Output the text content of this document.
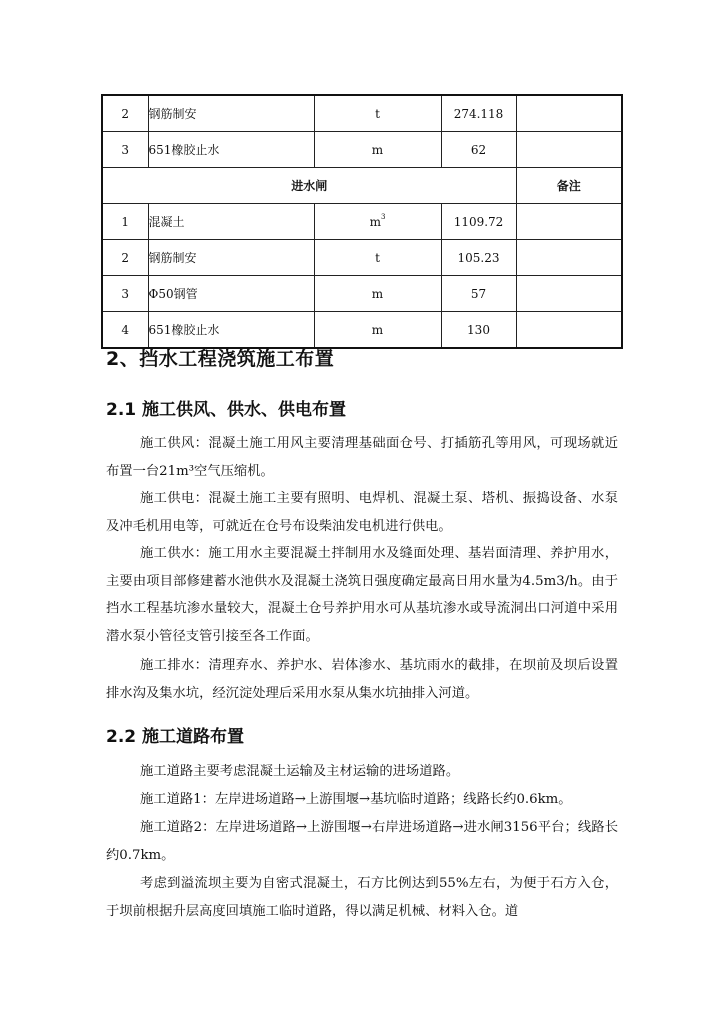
2	钢筋制安	t	274.118	
3	651橡胶止水	m	62	
进水闸				备注
1	混凝土	$m^3$	1109.72	
2	钢筋制安	t	105.23	
3	Φ50钢管	m	57	
4	651橡胶止水	m	130	
2、挡水工程浇筑施工布置
2.1 施工供风、供水、供电布置

施工供风：混凝土施工用风主要清理基础面仓号、打插筋孔等用风，可现场就近布置一台21m³空气压缩机。

施工供电：混凝土施工主要有照明、电焊机、混凝土泵、塔机、振捣设备、水泵及冲毛机用电等，可就近在仓号布设柴油发电机进行供电。

施工供水：施工用水主要混凝土拌制用水及缝面处理、基岩面清理、养护用水，主要由项目部修建蓄水池供水及混凝土浇筑日强度确定最高日用水量为4.5m3/h。由于挡水工程基坑渗水量较大，混凝土仓号养护用水可从基坑渗水或导流洞出口河道中采用潜水泵小管径支管引接至各工作面。

施工排水：清理弃水、养护水、岩体渗水、基坑雨水的截排，在坝前及坝后设置排水沟及集水坑，经沉淀处理后采用水泵从集水坑抽排入河道。

2.2 施工道路布置

施工道路主要考虑混凝土运输及主材运输的进场道路。

施工道路1：左岸进场道路→上游围堰→基坑临时道路；线路长约0.6km。

施工道路2：左岸进场道路→上游围堰→右岸进场道路→进水闸3156平台；线路长约0.7km。

考虑到溢流坝主要为自密式混凝土，石方比例达到55%左右，为便于石方入仓，于坝前根据升层高度回填施工临时道路，得以满足机械、材料入仓。道
